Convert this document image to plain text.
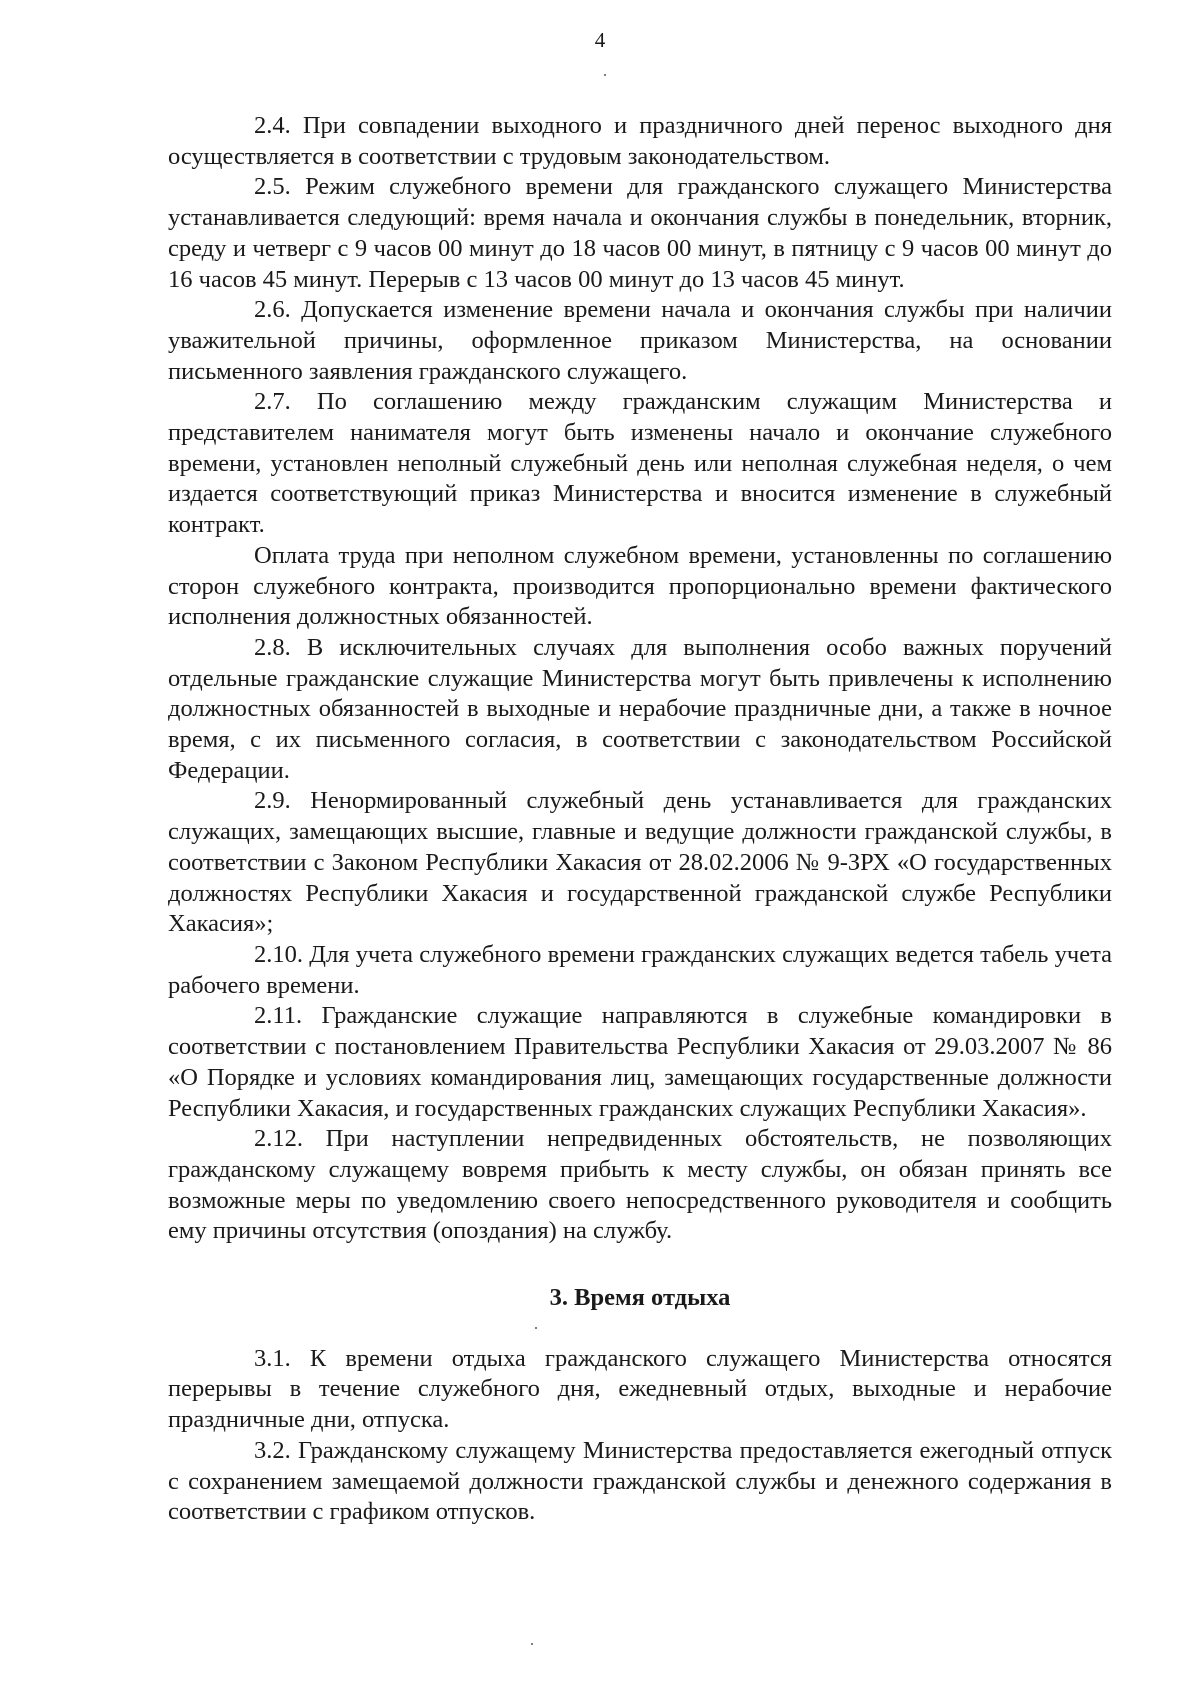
4

2.4. При совпадении выходного и праздничного дней перенос выходного дня осуществляется в соответствии с трудовым законодательством.

2.5. Режим служебного времени для гражданского служащего Министерства устанавливается следующий: время начала и окончания службы в понедельник, вторник, среду и четверг с 9 часов 00 минут до 18 часов 00 минут, в пятницу с 9 часов 00 минут до 16 часов 45 минут. Перерыв с 13 часов 00 минут до 13 часов 45 минут.

2.6. Допускается изменение времени начала и окончания службы при наличии уважительной причины, оформленное приказом Министерства, на основании письменного заявления гражданского служащего.

2.7. По соглашению между гражданским служащим Министерства и представителем нанимателя могут быть изменены начало и окончание служебного времени, установлен неполный служебный день или неполная служебная неделя, о чем издается соответствующий приказ Министерства и вносится изменение в служебный контракт.

Оплата труда при неполном служебном времени, установленны по соглашению сторон служебного контракта, производится пропорционально времени фактического исполнения должностных обязанностей.

2.8. В исключительных случаях для выполнения особо важных поручений отдельные гражданские служащие Министерства могут быть привлечены к исполнению должностных обязанностей в выходные и нерабочие праздничные дни, а также в ночное время, с их письменного согласия, в соответствии с законодательством Российской Федерации.

2.9. Ненормированный служебный день устанавливается для гражданских служащих, замещающих высшие, главные и ведущие должности гражданской службы, в соответствии с Законом Республики Хакасия от 28.02.2006 № 9-ЗРХ «О государственных должностях Республики Хакасия и государственной гражданской службе Республики Хакасия»;

2.10. Для учета служебного времени гражданских служащих ведется табель учета рабочего времени.

2.11. Гражданские служащие направляются в служебные командировки в соответствии с постановлением Правительства Республики Хакасия от 29.03.2007 № 86 «О Порядке и условиях командирования лиц, замещающих государственные должности Республики Хакасия, и государственных гражданских служащих Республики Хакасия».

2.12. При наступлении непредвиденных обстоятельств, не позволяющих гражданскому служащему вовремя прибыть к месту службы, он обязан принять все возможные меры по уведомлению своего непосредственного руководителя и сообщить ему причины отсутствия (опоздания) на службу.

3. Время отдыха

3.1. К времени отдыха гражданского служащего Министерства относятся перерывы в течение служебного дня, ежедневный отдых, выходные и нерабочие праздничные дни, отпуска.

3.2. Гражданскому служащему Министерства предоставляется ежегодный отпуск с сохранением замещаемой должности гражданской службы и денежного содержания в соответствии с графиком отпусков.
